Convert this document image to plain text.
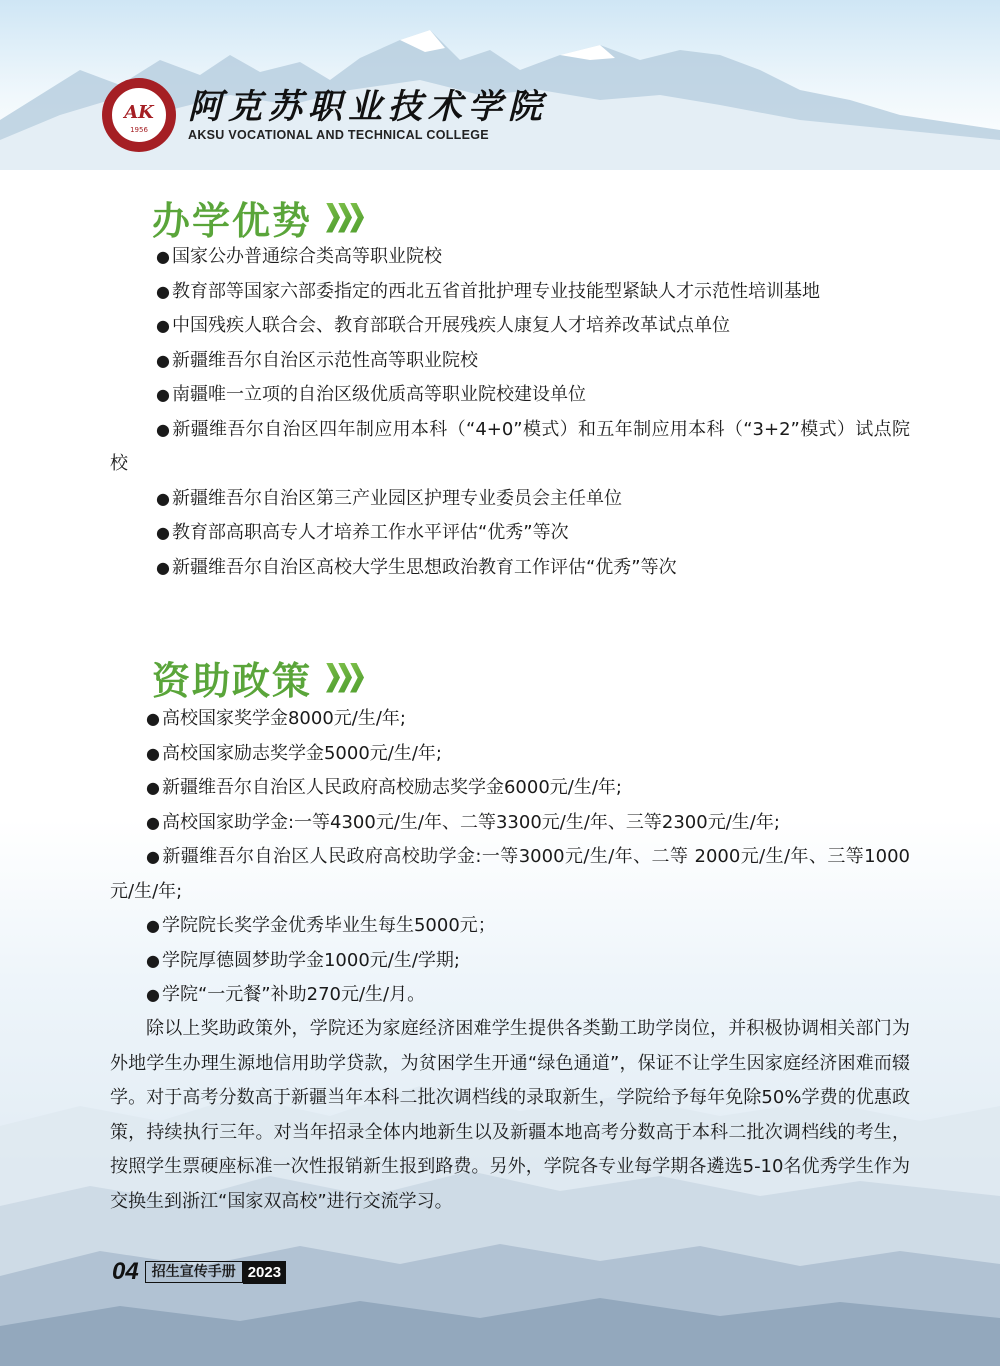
AK
1956
阿克苏职业技术学院
AKSU VOCATIONAL AND TECHNICAL COLLEGE
办学优势
● 国家公办普通综合类高等职业院校
● 教育部等国家六部委指定的西北五省首批护理专业技能型紧缺人才示范性培训基地
● 中国残疾人联合会、教育部联合开展残疾人康复人才培养改革试点单位
● 新疆维吾尔自治区示范性高等职业院校
● 南疆唯一立项的自治区级优质高等职业院校建设单位
● 新疆维吾尔自治区四年制应用本科（“4+0”模式）和五年制应用本科（“3+2”模式）试点院校
● 新疆维吾尔自治区第三产业园区护理专业委员会主任单位
● 教育部高职高专人才培养工作水平评估“优秀”等次
● 新疆维吾尔自治区高校大学生思想政治教育工作评估“优秀”等次
资助政策
● 高校国家奖学金8000元/生/年;
● 高校国家励志奖学金5000元/生/年;
● 新疆维吾尔自治区人民政府高校励志奖学金6000元/生/年;
● 高校国家助学金:一等4300元/生/年、二等3300元/生/年、三等2300元/生/年;
● 新疆维吾尔自治区人民政府高校助学金:一等3000元/生/年、二等 2000元/生/年、三等1000元/生/年;
● 学院院长奖学金优秀毕业生每生5000元；
● 学院厚德圆梦助学金1000元/生/学期;
● 学院“一元餐”补助270元/生/月。
除以上奖助政策外，学院还为家庭经济困难学生提供各类勤工助学岗位，并积极协调相关部门为外地学生办理生源地信用助学贷款，为贫困学生开通“绿色通道”，保证不让学生因家庭经济困难而辍学。对于高考分数高于新疆当年本科二批次调档线的录取新生，学院给予每年免除50%学费的优惠政策，持续执行三年。对当年招录全体内地新生以及新疆本地高考分数高于本科二批次调档线的考生，按照学生票硬座标准一次性报销新生报到路费。另外，学院各专业每学期各遴选5-10名优秀学生作为交换生到浙江“国家双高校”进行交流学习。
04 招生宣传手册 2023
